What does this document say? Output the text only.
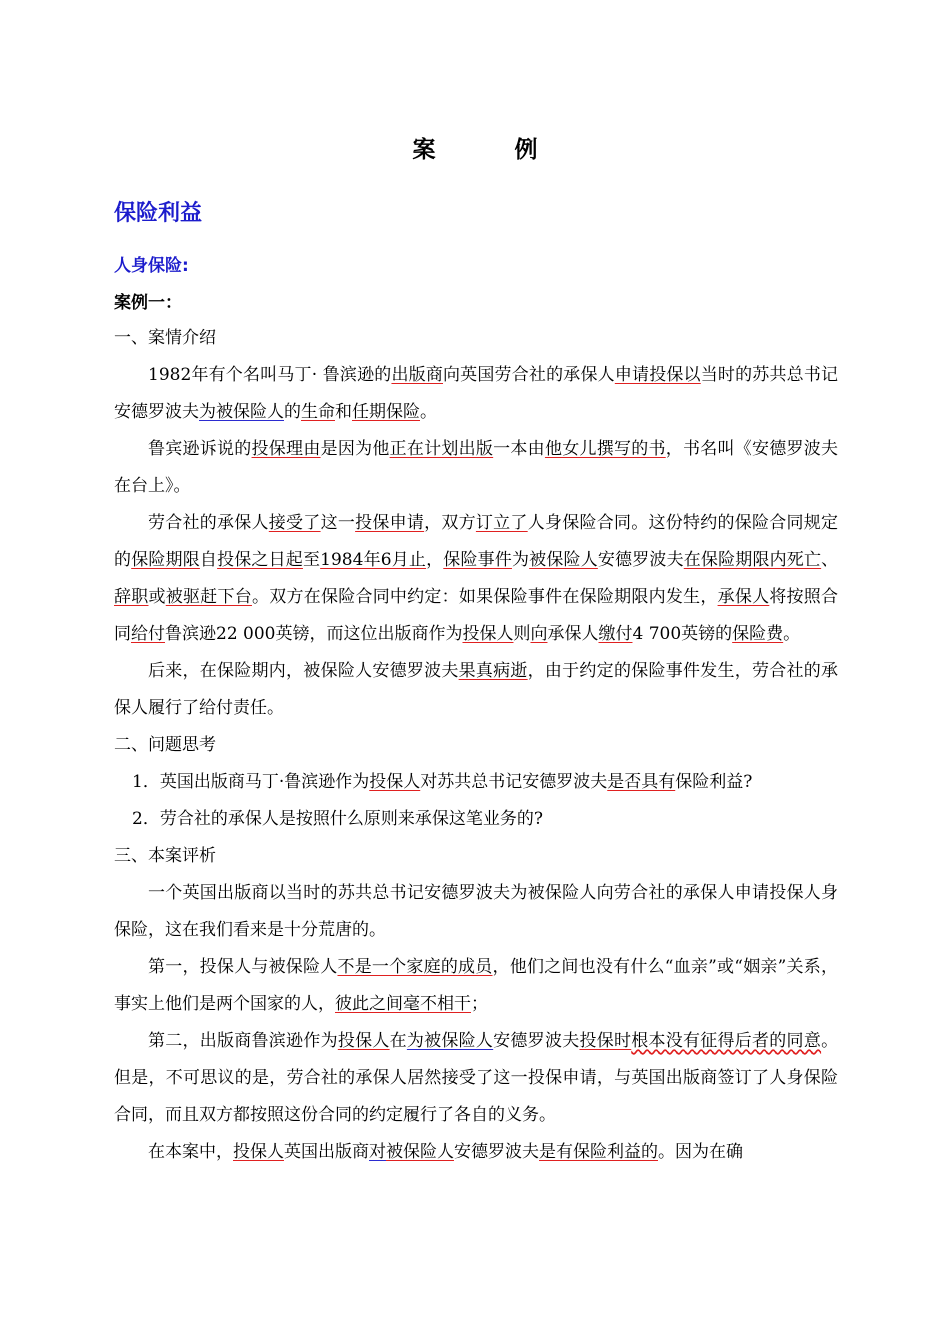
案　例
保险利益
人身保险:
案例一：

一、案情介绍

1982年有个名叫马丁· 鲁滨逊的出版商向英国劳合社的承保人申请投保以当时的苏共总书记安德罗波夫为被保险人的生命和任期保险。

鲁宾逊诉说的投保理由是因为他正在计划出版一本由他女儿撰写的书，书名叫《安德罗波夫在台上》。

劳合社的承保人接受了这一投保申请，双方订立了人身保险合同。这份特约的保险合同规定的保险期限自投保之日起至1984年6月止，保险事件为被保险人安德罗波夫在保险期限内死亡、辞职或被驱赶下台。双方在保险合同中约定：如果保险事件在保险期限内发生，承保人将按照合同给付鲁滨逊22 000英镑，而这位出版商作为投保人则向承保人缴付4 700英镑的保险费。

后来，在保险期内，被保险人安德罗波夫果真病逝，由于约定的保险事件发生，劳合社的承保人履行了给付责任。

二、问题思考

1．英国出版商马丁·鲁滨逊作为投保人对苏共总书记安德罗波夫是否具有保险利益?

2．劳合社的承保人是按照什么原则来承保这笔业务的?

三、本案评析

一个英国出版商以当时的苏共总书记安德罗波夫为被保险人向劳合社的承保人申请投保人身保险，这在我们看来是十分荒唐的。

第一，投保人与被保险人不是一个家庭的成员，他们之间也没有什么“血亲”或“姻亲”关系，事实上他们是两个国家的人，彼此之间毫不相干；

第二，出版商鲁滨逊作为投保人在为被保险人安德罗波夫投保时根本没有征得后者的同意。但是，不可思议的是，劳合社的承保人居然接受了这一投保申请，与英国出版商签订了人身保险合同，而且双方都按照这份合同的约定履行了各自的义务。

在本案中，投保人英国出版商对被保险人安德罗波夫是有保险利益的。因为在确
